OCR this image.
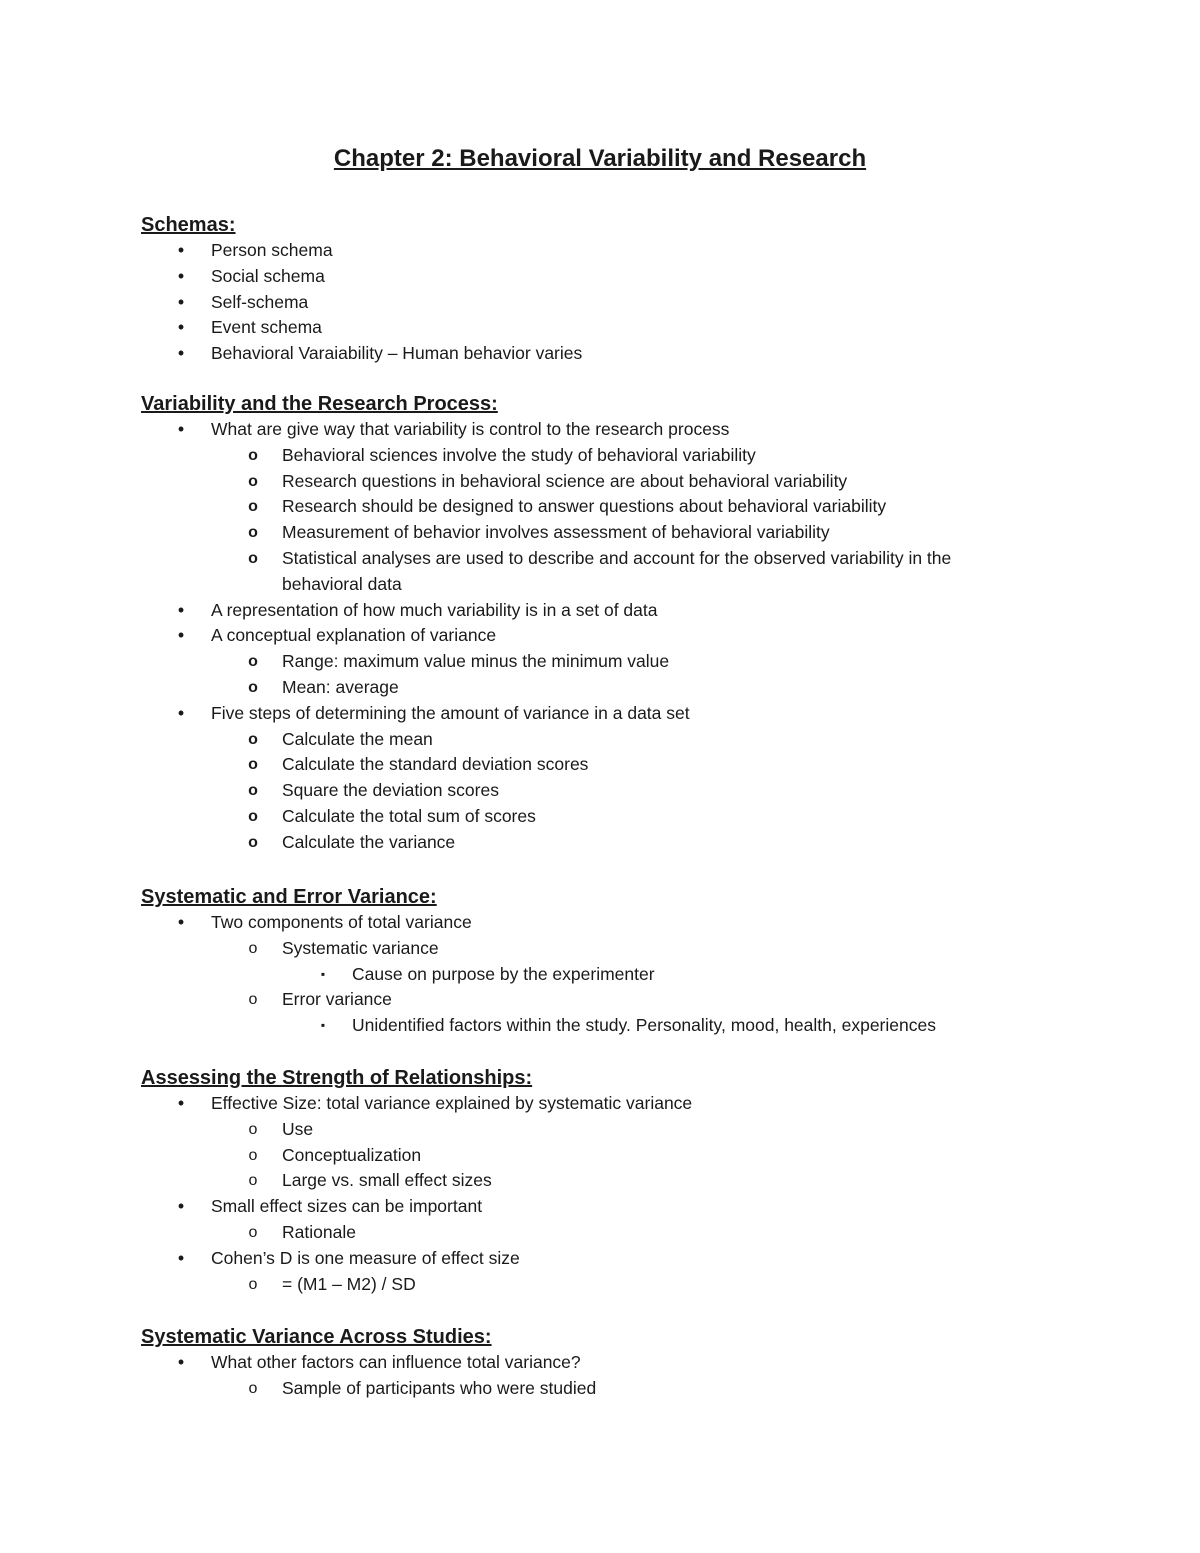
Chapter 2: Behavioral Variability and Research
Schemas:
•	Person schema
•	Social schema
•	Self-schema
•	Event schema
•	Behavioral Varaiability – Human behavior varies
Variability and the Research Process:
•	What are give way that variability is control to the research process
o Behavioral sciences involve the study of behavioral variability
o Research questions in behavioral science are about behavioral variability
o Research should be designed to answer questions about behavioral variability
o Measurement of behavior involves assessment of behavioral variability
o Statistical analyses are used to describe and account for the observed variability in the
behavioral data
•	A representation of how much variability is in a set of data
•	A conceptual explanation of variance
o Range: maximum value minus the minimum value
o Mean: average
•	Five steps of determining the amount of variance in a data set
o Calculate the mean
o Calculate the standard deviation scores
o Square the deviation scores
o Calculate the total sum of scores
o Calculate the variance
Systematic and Error Variance:
•	Two components of total variance
o	Systematic variance
▪	Cause on purpose by the experimenter
o	Error variance
▪	Unidentified factors within the study. Personality, mood, health, experiences
Assessing the Strength of Relationships:
•	Effective Size: total variance explained by systematic variance
o	Use
o	Conceptualization
o	Large vs. small effect sizes
•	Small effect sizes can be important
o	Rationale
•	Cohen’s D is one measure of effect size
o	= (M1 – M2) / SD
Systematic Variance Across Studies:
•	What other factors can influence total variance?
o	Sample of participants who were studied
